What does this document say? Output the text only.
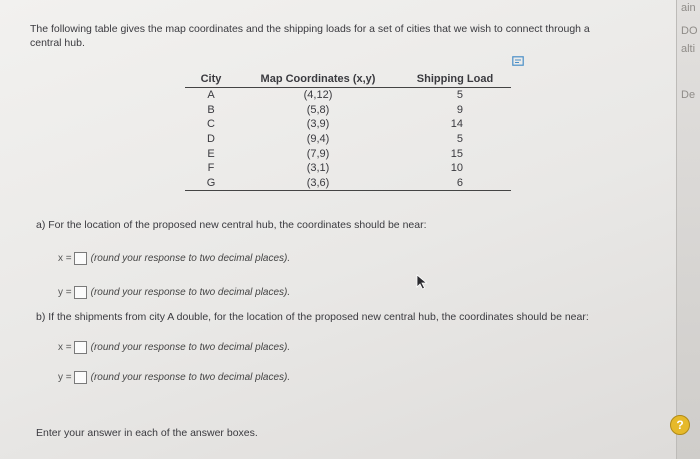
The following table gives the map coordinates and the shipping loads for a set of cities that we wish to connect through a
central hub.
City	Map Coordinates (x,y)	Shipping Load
A	(4,12)	5
B	(5,8)	9
C	(3,9)	14
D	(9,4)	5
E	(7,9)	15
F	(3,1)	10
G	(3,6)	6
a) For the location of the proposed new central hub, the coordinates should be near:
x = (round your response to two decimal places).
y = (round your response to two decimal places).
b) If the shipments from city A double, for the location of the proposed new central hub, the coordinates should be near:
x = (round your response to two decimal places).
y = (round your response to two decimal places).
Enter your answer in each of the answer boxes.
ain
DO
alti
De
?
